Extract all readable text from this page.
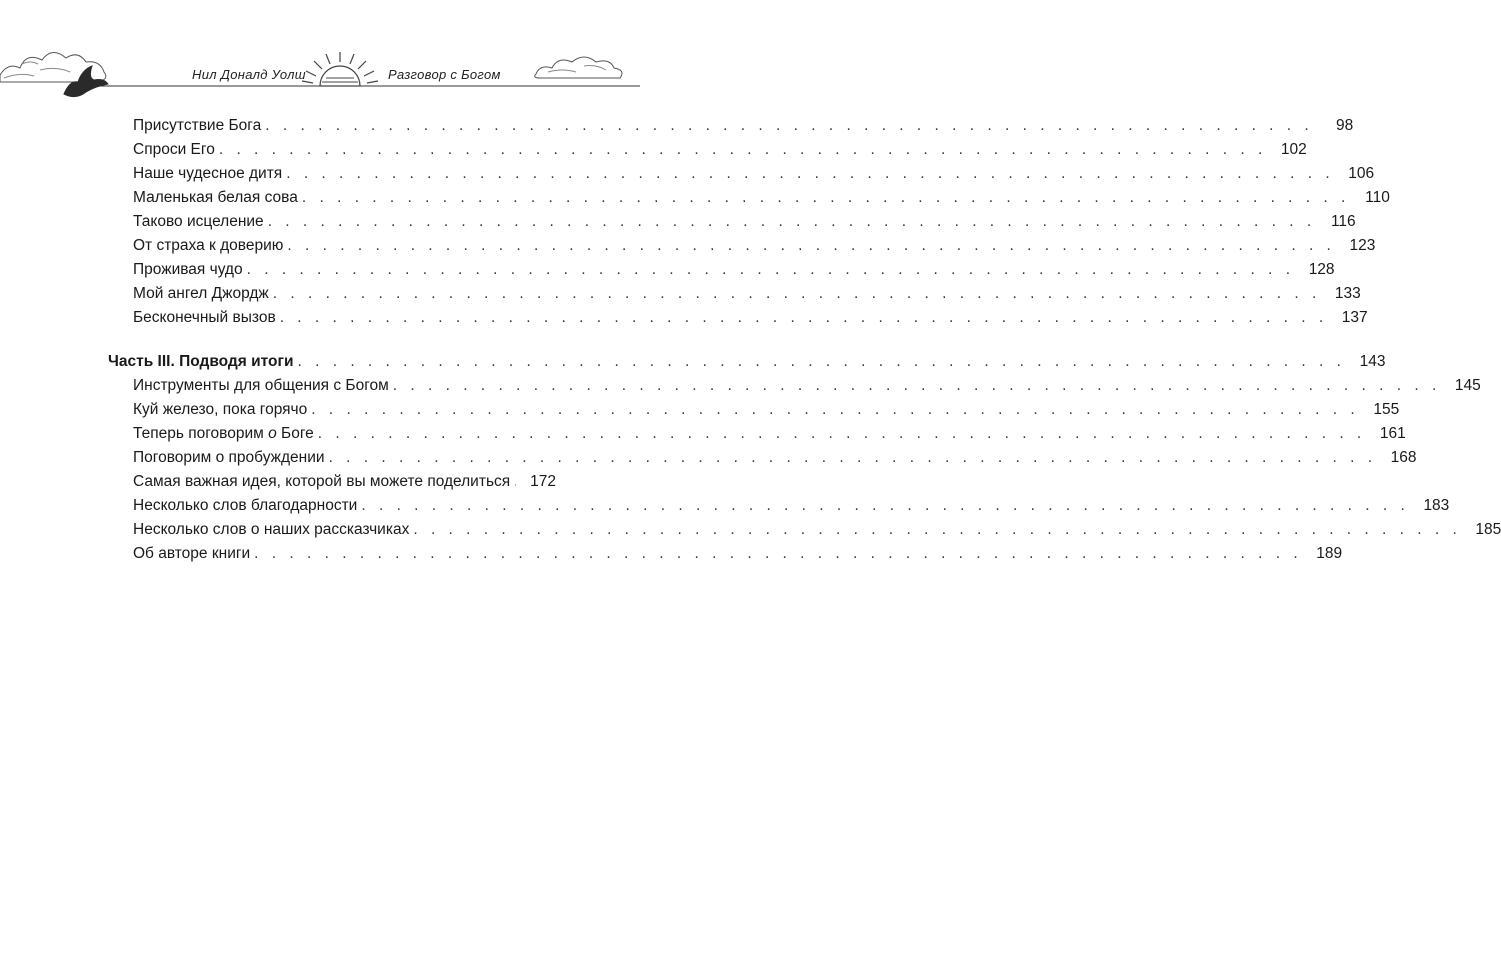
Нил Доналд Уолш	Разговор с Богом
Присутствие Бога . . . . . . . . . . . . . . . . . . . . . . . . . . . . . . . . . . . . . . . . . . . . . . . . . . . . . . . . . . . .	98
Спроси Его . . . . . . . . . . . . . . . . . . . . . . . . . . . . . . . . . . . . . . . . . . . . . . . . . . . . . . . . . . . . 102
Наше чудесное дитя . . . . . . . . . . . . . . . . . . . . . . . . . . . . . . . . . . . . . . . . . . . . . . . . . . . . . . . . . . . . 106
Маленькая белая сова . . . . . . . . . . . . . . . . . . . . . . . . . . . . . . . . . . . . . . . . . . . . . . . . . . . . . . . . . . . . 110
Таково исцеление . . . . . . . . . . . . . . . . . . . . . . . . . . . . . . . . . . . . . . . . . . . . . . . . . . . . . . . . . . . . 116
От страха к доверию . . . . . . . . . . . . . . . . . . . . . . . . . . . . . . . . . . . . . . . . . . . . . . . . . . . . . . . . . . . . 123
Проживая чудо . . . . . . . . . . . . . . . . . . . . . . . . . . . . . . . . . . . . . . . . . . . . . . . . . . . . . . . . . . . . 128
Мой ангел Джордж . . . . . . . . . . . . . . . . . . . . . . . . . . . . . . . . . . . . . . . . . . . . . . . . . . . . . . . . . . . . 133
Бесконечный вызов . . . . . . . . . . . . . . . . . . . . . . . . . . . . . . . . . . . . . . . . . . . . . . . . . . . . . . . . . . . . 137
Часть III. Подводя итоги . . . . . . . . . . . . . . . . . . . . . . . . . . . . . . . . . . . . . . . . . . . . . . . . . . . . . . . . . . . . 143
Инструменты для общения с Богом . . . . . . . . . . . . . . . . . . . . . . . . . . . . . . . . . . . . . . . . . . . . . . . . . . . . . . . . . . . . 145
Куй железо, пока горячо . . . . . . . . . . . . . . . . . . . . . . . . . . . . . . . . . . . . . . . . . . . . . . . . . . . . . . . . . . . . 155
Теперь поговорим о Боге . . . . . . . . . . . . . . . . . . . . . . . . . . . . . . . . . . . . . . . . . . . . . . . . . . . . . . . . . . . . 161
Поговорим о пробуждении . . . . . . . . . . . . . . . . . . . . . . . . . . . . . . . . . . . . . . . . . . . . . . . . . . . . . . . . . . . . 168
Самая важная идея, которой вы можете поделиться	172
Несколько слов благодарности . . . . . . . . . . . . . . . . . . . . . . . . . . . . . . . . . . . . . . . . . . . . . . . . . . . . . . . . . . . . 183
Несколько слов о наших рассказчиках . . . . . . . . . . . . . . . . . . . . . . . . . . . . . . . . . . . . . . . . . . . . . . . . . . . . . . . . . . . . 185
Об авторе книги . . . . . . . . . . . . . . . . . . . . . . . . . . . . . . . . . . . . . . . . . . . . . . . . . . . . . . . . . . . . 189
